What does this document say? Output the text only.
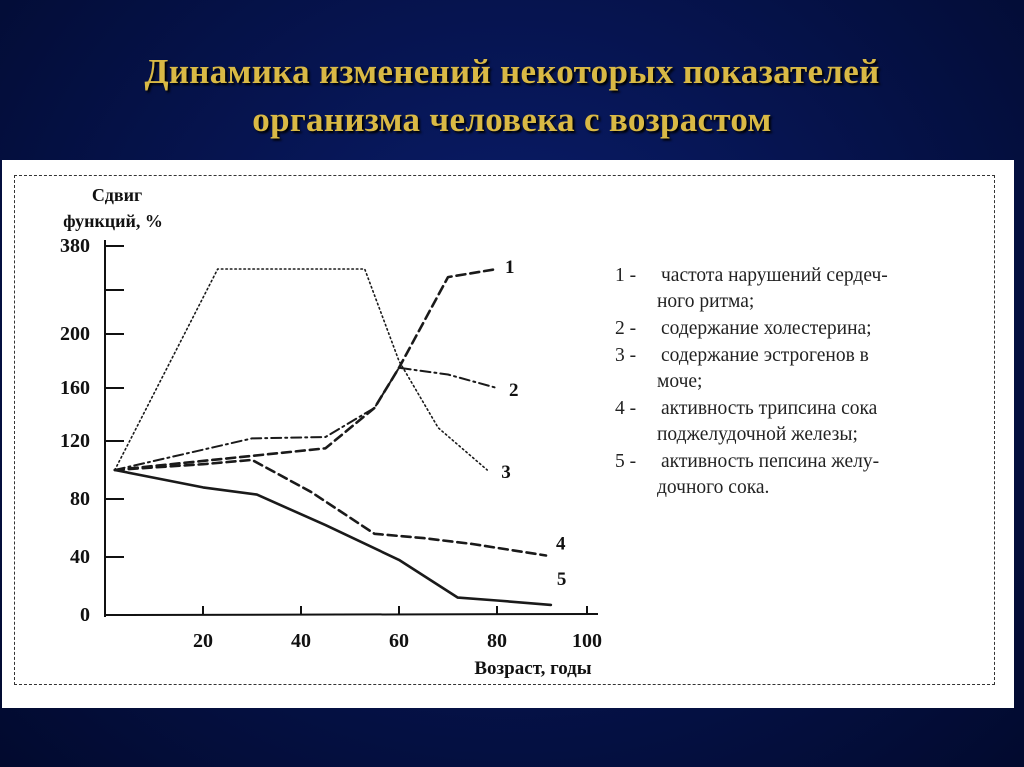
Динамика изменений некоторых показателей
организма человека с возрастом
380
200
160
120
80
40
0
20	40	60	80	100
Сдвиг
функций, %
Возраст, годы
1
2
3
4
5
1 - частота нарушений сердеч-
ного ритма;
2 - содержание холестерина;
3 - содержание эстрогенов в
моче;
4 - активность трипсина сока
поджелудочной железы;
5 - активность пепсина желу-
дочного сока.
